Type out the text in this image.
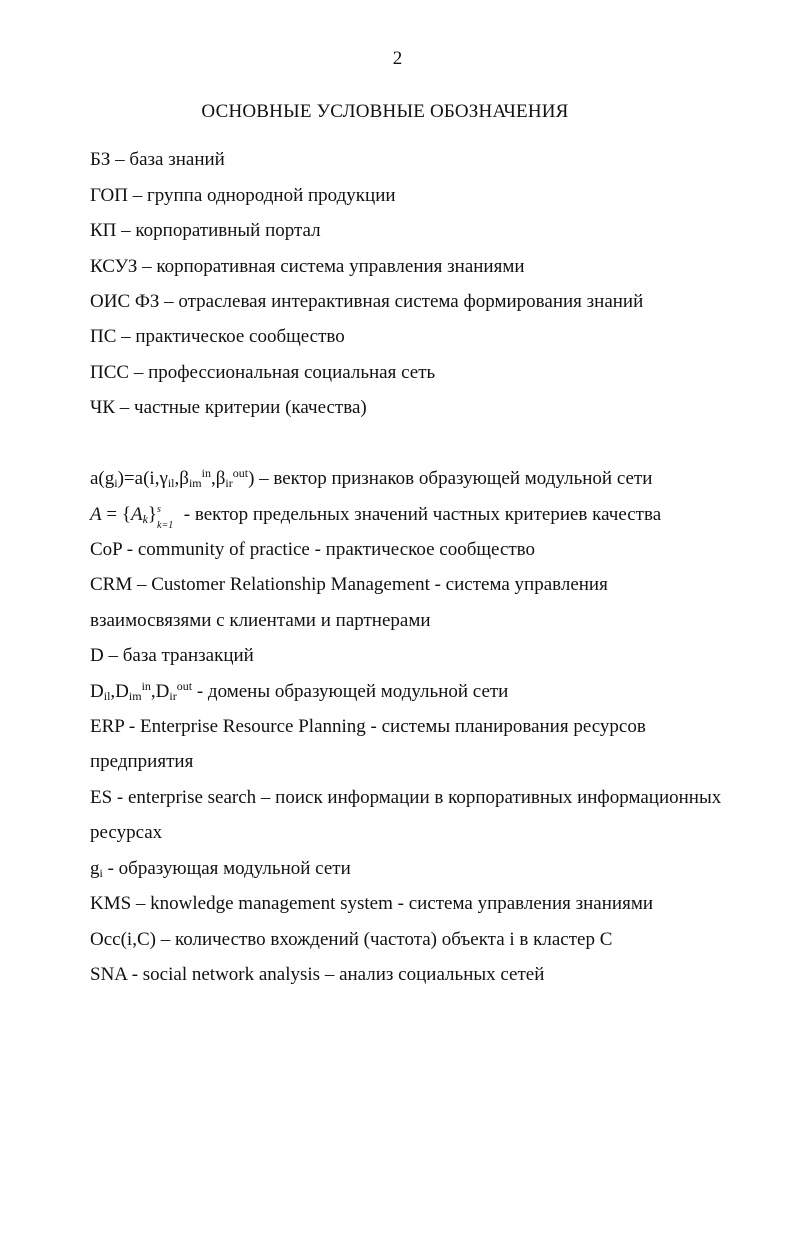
2
ОСНОВНЫЕ УСЛОВНЫЕ ОБОЗНАЧЕНИЯ
БЗ – база знаний
ГОП – группа однородной продукции
КП – корпоративный портал
КСУЗ – корпоративная система управления знаниями
ОИС ФЗ – отраслевая интерактивная система формирования знаний
ПС – практическое сообщество
ПСС – профессиональная социальная сеть
ЧК – частные критерии (качества)
$a(g_i)=a(i,\gamma_{il},\beta_{im}^{in},\beta_{ir}^{out})$ – вектор признаков образующей модульной сети
$A = \{A_k\}$ s
k=1
- вектор предельных значений частных критериев качества
CoP - community of practice - практическое сообщество
CRM – Customer Relationship Management - система управления
взаимосвязями с клиентами и партнерами
D – база транзакций
$D_{il},D_{im}^{in},D_{ir}^{out}$ - домены образующей модульной сети
ERP - Enterprise Resource Planning - системы планирования ресурсов
предприятия
ES - enterprise search – поиск информации в корпоративных информационных
ресурсах
$g_i$ - образующая модульной сети
KMS – knowledge management system - система управления знаниями
Occ(i,C) – количество вхождений (частота) объекта i в кластер C
SNA - social network analysis – анализ социальных сетей
